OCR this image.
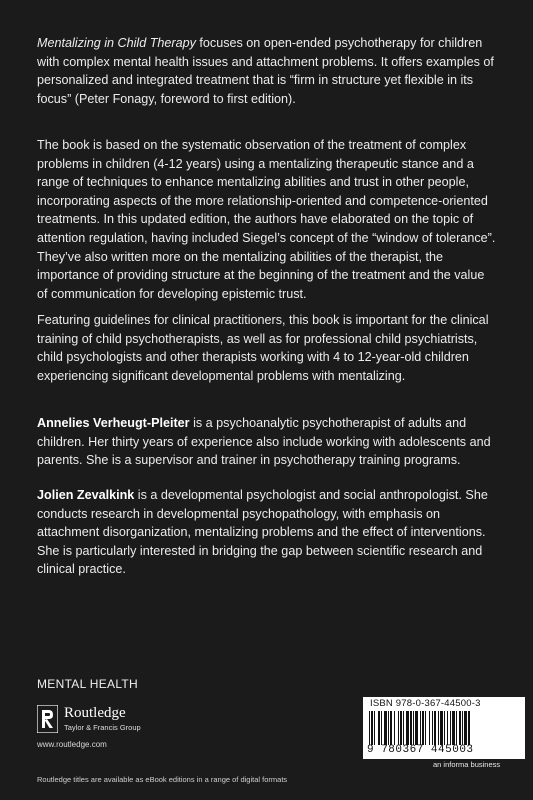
Mentalizing in Child Therapy focuses on open-ended psychotherapy for children with complex mental health issues and attachment problems. It offers examples of personalized and integrated treatment that is “firm in structure yet flexible in its focus” (Peter Fonagy, foreword to first edition).

The book is based on the systematic observation of the treatment of complex problems in children (4-12 years) using a mentalizing therapeutic stance and a range of techniques to enhance mentalizing abilities and trust in other people, incorporating aspects of the more relationship-oriented and competence-oriented treatments. In this updated edition, the authors have elaborated on the topic of attention regulation, having included Siegel’s concept of the “window of tolerance”. They’ve also written more on the mentalizing abilities of the therapist, the importance of providing structure at the beginning of the treatment and the value of communication for developing epistemic trust.

Featuring guidelines for clinical practitioners, this book is important for the clinical training of child psychotherapists, as well as for professional child psychiatrists, child psychologists and other therapists working with 4 to 12-year-old children experiencing significant developmental problems with mentalizing.

Annelies Verheugt-Pleiter is a psychoanalytic psychotherapist of adults and children. Her thirty years of experience also include working with adolescents and parents. She is a supervisor and trainer in psychotherapy training programs.

Jolien Zevalkink is a developmental psychologist and social anthropologist. She conducts research in developmental psychopathology, with emphasis on attachment disorganization, mentalizing problems and the effect of interventions. She is particularly interested in bridging the gap between scientific research and clinical practice.

MENTAL HEALTH
Routledge
Taylor & Francis Group
www.routledge.com
Routledge titles are available as eBook editions in a range of digital formats
ISBN 978-0-367-44500-3
9 780367 445003
an informa business
